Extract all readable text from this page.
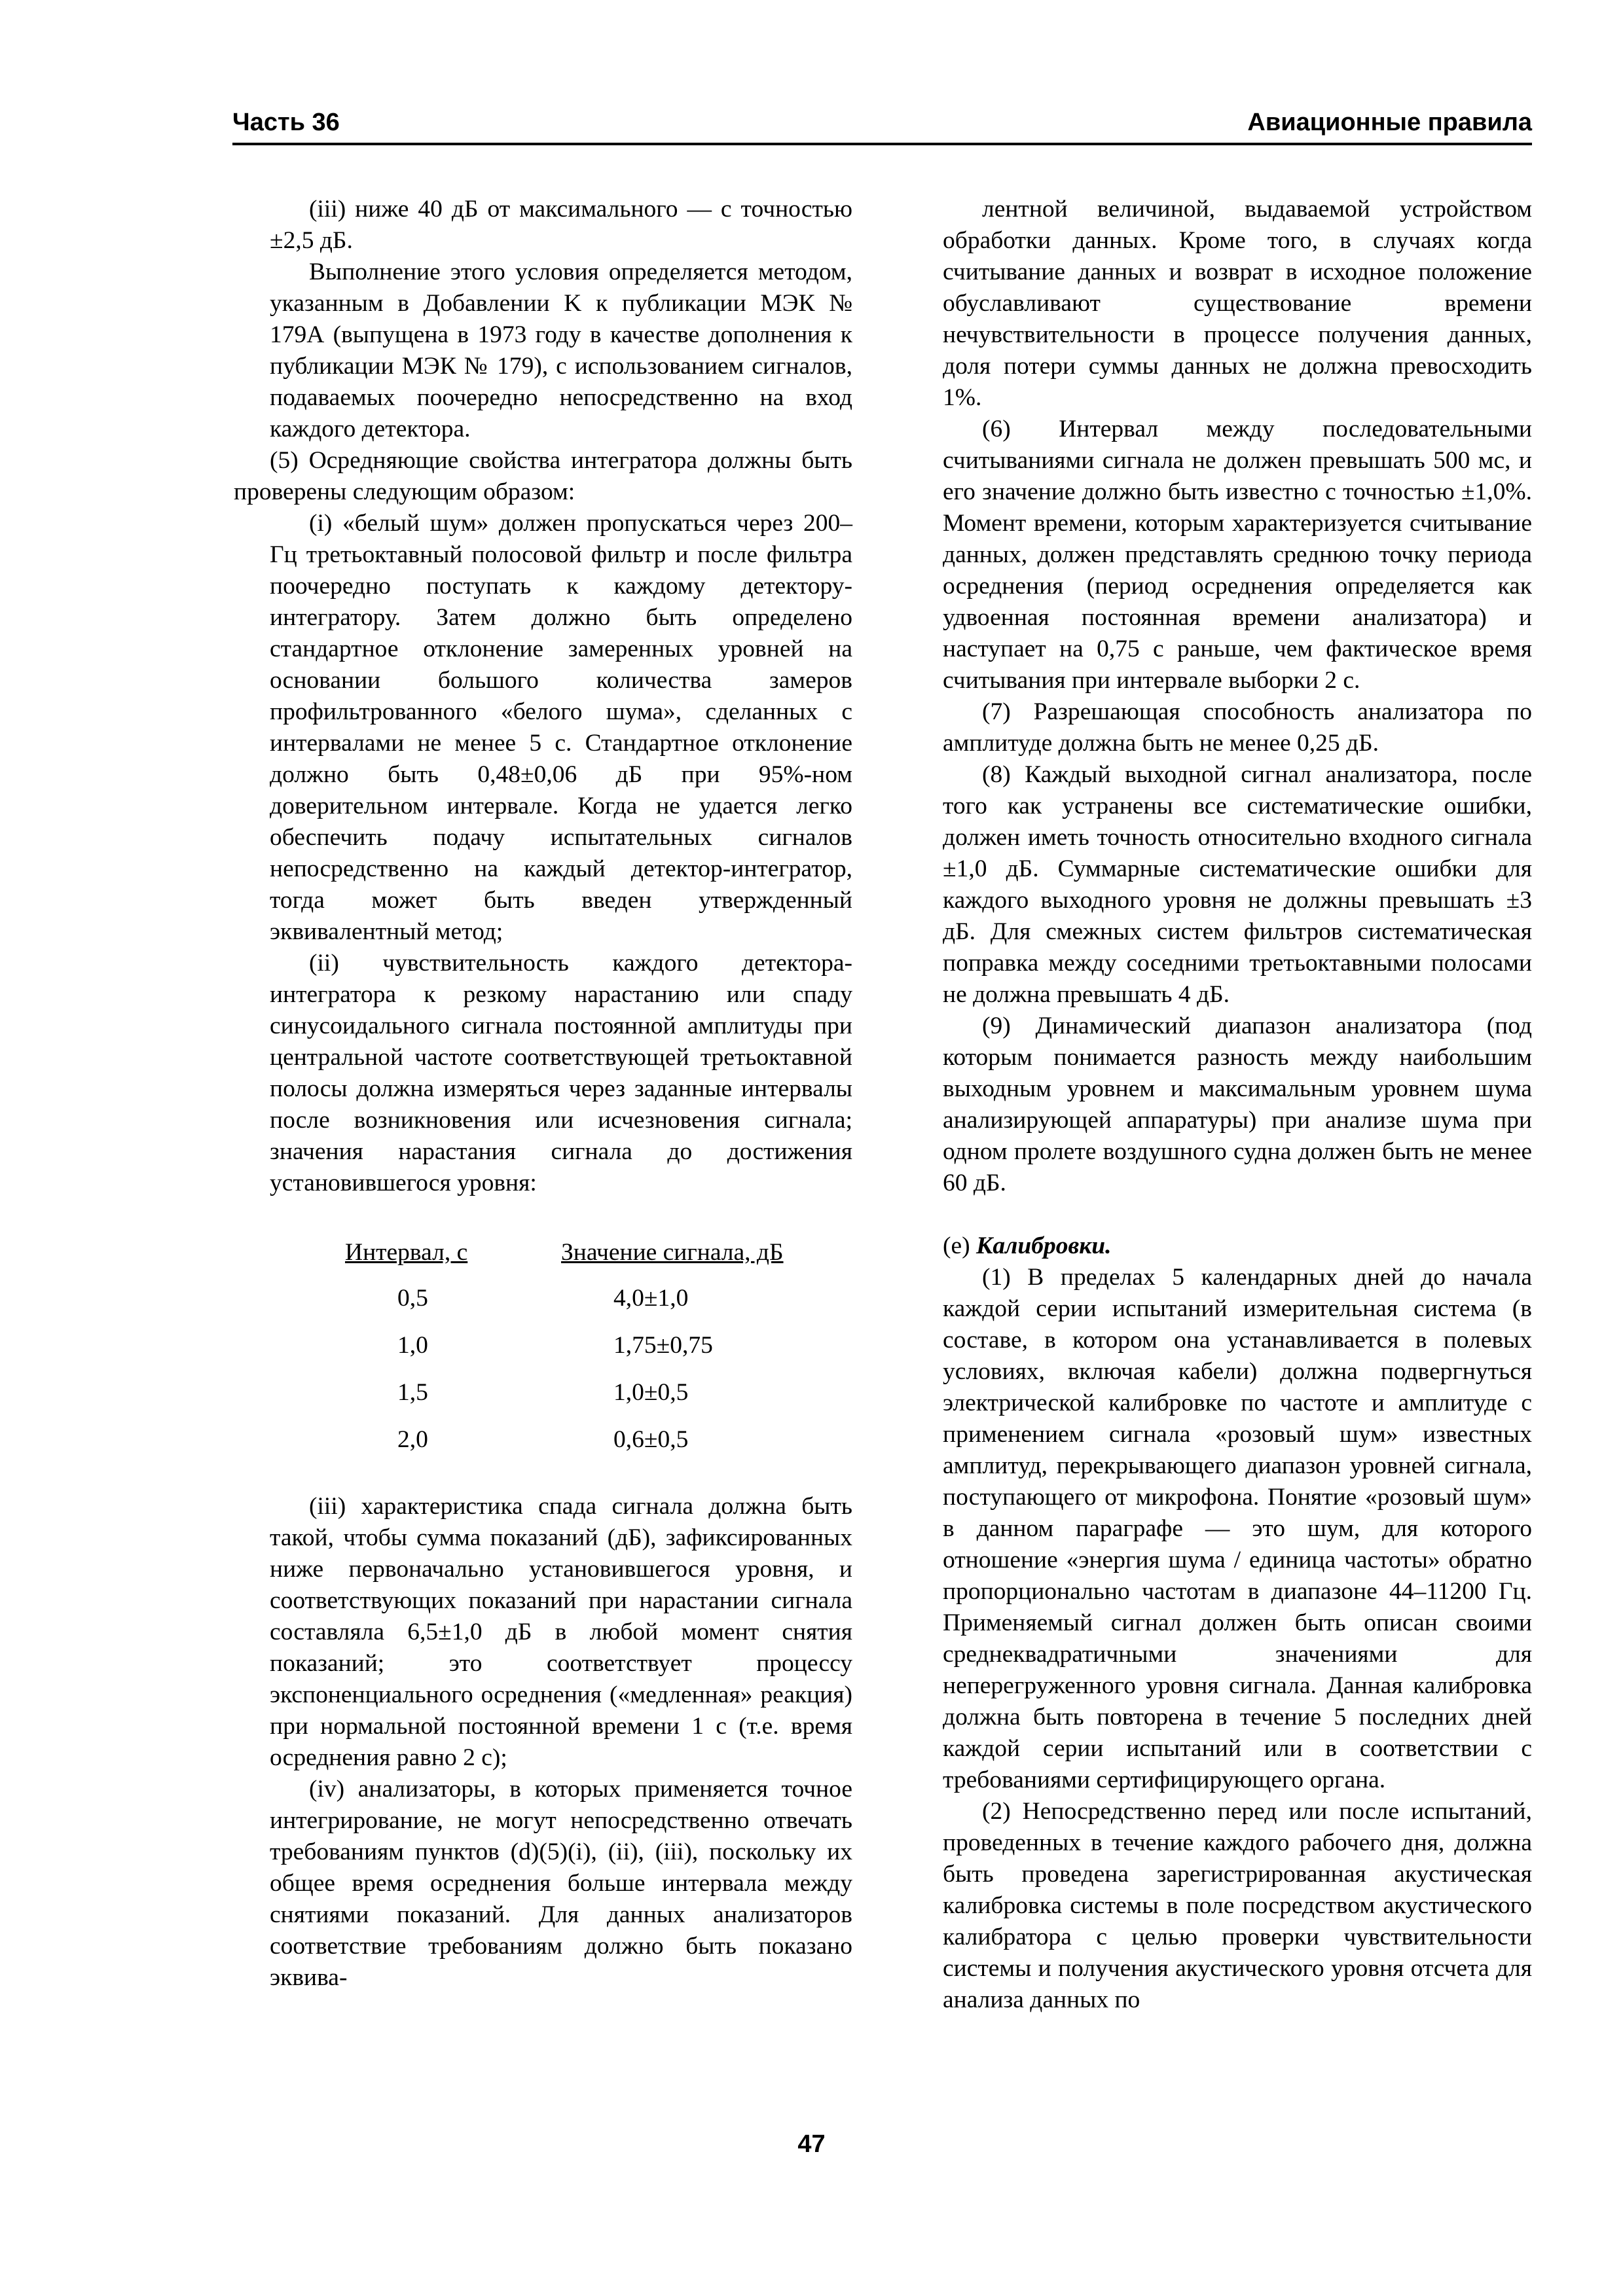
Часть 36	Авиационные правила

(iii) ниже 40 дБ от максимального — с точностью ±2,5 дБ.

Выполнение этого условия определяется методом, указанным в Добавлении K к публикации МЭК № 179А (выпущена в 1973 году в качестве дополнения к публикации МЭК № 179), с использованием сигналов, подаваемых поочередно непосредственно на вход каждого детектора.

(5) Осредняющие свойства интегратора должны быть проверены следующим образом:

(i) «белый шум» должен пропускаться через 200–Гц третьоктавный полосовой фильтр и после фильтра поочередно поступать к каждому детектору-интегратору. Затем должно быть определено стандартное отклонение замеренных уровней на основании большого количества замеров профильтрованного «белого шума», сделанных с интервалами не менее 5 с. Стандартное отклонение должно быть 0,48±0,06 дБ при 95%-ном доверительном интервале. Когда не удается легко обеспечить подачу испытательных сигналов непосредственно на каждый детектор-интегратор, тогда может быть введен утвержденный эквивалентный метод;

(ii) чувствительность каждого детектора-интегратора к резкому нарастанию или спаду синусоидального сигнала постоянной амплитуды при центральной частоте соответствующей третьоктавной полосы должна измеряться через заданные интервалы после возникновения или исчезновения сигнала; значения нарастания сигнала до достижения установившегося уровня:

Интервал, с	Значение сигнала, дБ
0,5	4,0±1,0
1,0	1,75±0,75
1,5	1,0±0,5
2,0	0,6±0,5

(iii) характеристика спада сигнала должна быть такой, чтобы сумма показаний (дБ), зафиксированных ниже первоначально установившегося уровня, и соответствующих показаний при нарастании сигнала составляла 6,5±1,0 дБ в любой момент снятия показаний; это соответствует процессу экспоненциального осреднения («медленная» реакция) при нормальной постоянной времени 1 с (т.е. время осреднения равно 2 с);

(iv) анализаторы, в которых применяется точное интегрирование, не могут непосредственно отвечать требованиям пунктов (d)(5)(i), (ii), (iii), поскольку их общее время осреднения больше интервала между снятиями показаний. Для данных анализаторов соответствие требованиям должно быть показано эквива-

лентной величиной, выдаваемой устройством обработки данных. Кроме того, в случаях когда считывание данных и возврат в исходное положение обуславливают существование времени нечувствительности в процессе получения данных, доля потери суммы данных не должна превосходить 1%.

(6) Интервал между последовательными считываниями сигнала не должен превышать 500 мс, и его значение должно быть известно с точностью ±1,0%. Момент времени, которым характеризуется считывание данных, должен представлять среднюю точку периода осреднения (период осреднения определяется как удвоенная постоянная времени анализатора) и наступает на 0,75 с раньше, чем фактическое время считывания при интервале выборки 2 с.

(7) Разрешающая способность анализатора по амплитуде должна быть не менее 0,25 дБ.

(8) Каждый выходной сигнал анализатора, после того как устранены все систематические ошибки, должен иметь точность относительно входного сигнала ±1,0 дБ. Суммарные систематические ошибки для каждого выходного уровня не должны превышать ±3 дБ. Для смежных систем фильтров систематическая поправка между соседними третьоктавными полосами не должна превышать 4 дБ.

(9) Динамический диапазон анализатора (под которым понимается разность между наибольшим выходным уровнем и максимальным уровнем шума анализирующей аппаратуры) при анализе шума при одном пролете воздушного судна должен быть не менее 60 дБ.

(e) Калибровки.

(1) В пределах 5 календарных дней до начала каждой серии испытаний измерительная система (в составе, в котором она устанавливается в полевых условиях, включая кабели) должна подвергнуться электрической калибровке по частоте и амплитуде с применением сигнала «розовый шум» известных амплитуд, перекрывающего диапазон уровней сигнала, поступающего от микрофона. Понятие «розовый шум» в данном параграфе — это шум, для которого отношение «энергия шума / единица частоты» обратно пропорционально частотам в диапазоне 44–11200 Гц. Применяемый сигнал должен быть описан своими среднеквадратичными значениями для неперегруженного уровня сигнала. Данная калибровка должна быть повторена в течение 5 последних дней каждой серии испытаний или в соответствии с требованиями сертифицирующего органа.

(2) Непосредственно перед или после испытаний, проведенных в течение каждого рабочего дня, должна быть проведена зарегистрированная акустическая калибровка системы в поле посредством акустического калибратора с целью проверки чувствительности системы и получения акустического уровня отсчета для анализа данных по

47
